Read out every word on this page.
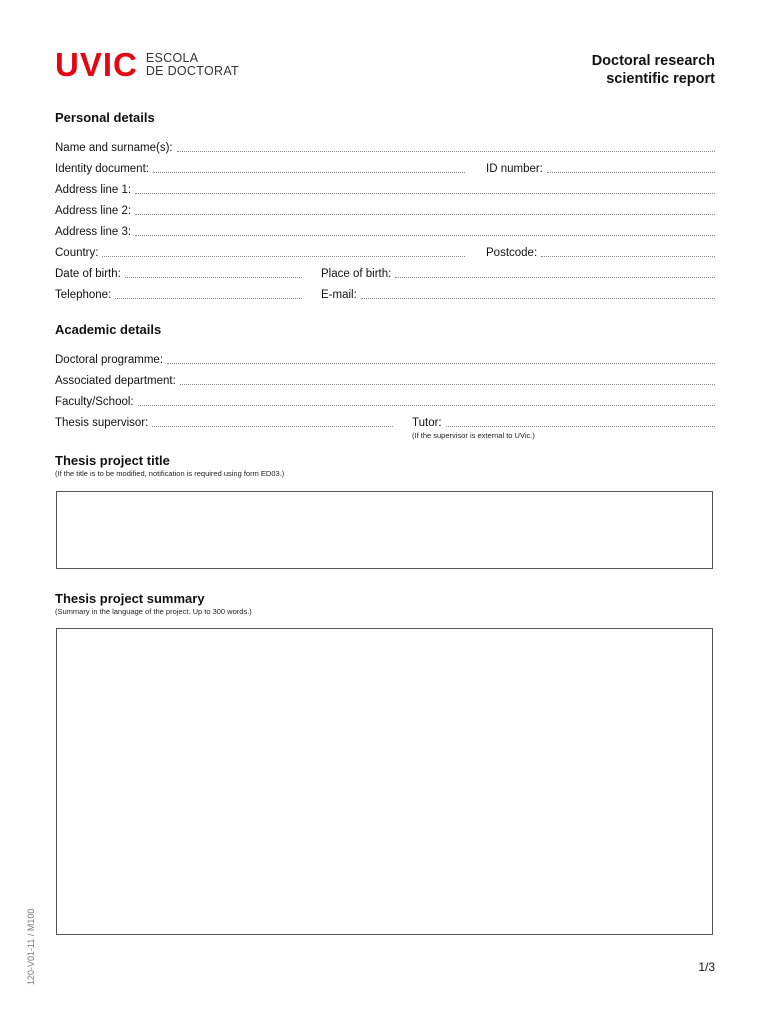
UVIC ESCOLA
DE DOCTORAT
Doctoral research
scientific report
Personal details
Name and surname(s):
Identity document:	ID number:
Address line 1:
Address line 2:
Address line 3:
Country:	Postcode:
Date of birth:	Place of birth:
Telephone:	E-mail:
Academic details
Doctoral programme:
Associated department:
Faculty/School:
Thesis supervisor:	Tutor:
(If the supervisor is external to UVic.)
Thesis project title
(If the title is to be modified, notification is required using form ED03.)
Thesis project summary
(Summary in the language of the project. Up to 300 words.)
1/3
120-V01-11 / M100
